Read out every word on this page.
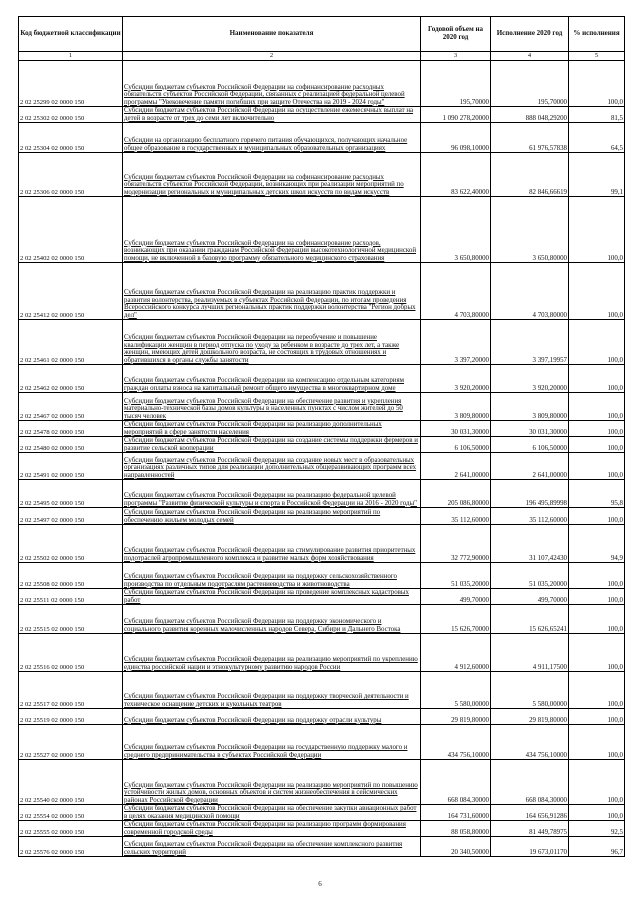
Код бюджетной классификации	Наименование показателя	Годовой объем на 2020 год	Исполнение 2020 год	% исполнения
1	2	3	4	5
2 02 25299 02 0000 150	Субсидии бюджетам субъектов Российской Федерации на софинансирование расходных обязательств субъектов Российской Федерации, связанных с реализацией федеральной целевой программы "Увековечение памяти погибших при защите Отечества на 2019 - 2024 годы"	195,70000	195,70000	100,0
2 02 25302 02 0000 150	Субсидии бюджетам субъектов Российской Федерации на осуществление ежемесячных выплат на детей в возрасте от трех до семи лет включительно	1 090 278,20000	888 048,29200	81,5
2 02 25304 02 0000 150	Субсидии на организацию бесплатного горячего питания обучающихся, получающих начальное общее образование в государственных и муниципальных образовательных организациях	96 098,10000	61 976,57838	64,5
2 02 25306 02 0000 150	Субсидии бюджетам субъектов Российской Федерации на софинансирование расходных обязательств субъектов Российской Федерации, возникающих при реализации мероприятий по модернизации региональных и муниципальных детских школ искусств по видам искусств	83 622,40000	82 846,66619	99,1
2 02 25402 02 0000 150	Субсидии бюджетам субъектов Российской Федерации на софинансирование расходов, возникающих при оказании гражданам Российской Федерации высокотехнологичной медицинской помощи, не включенной в базовую программу обязательного медицинского страхования	3 650,80000	3 650,80000	100,0
2 02 25412 02 0000 150	Субсидии бюджетам субъектов Российской Федерации на реализацию практик поддержки и развития волонтерства, реализуемых в субъектах Российской Федерации, по итогам проведения Всероссийского конкурса лучших региональных практик поддержки волонтерства "Регион добрых дел"	4 703,80000	4 703,80000	100,0
2 02 25461 02 0000 150	Субсидии бюджетам субъектов Российской Федерации на переобучение и повышение квалификации женщин в период отпуска по уходу за ребенком в возрасте до трех лет, а также женщин, имеющих детей дошкольного возраста, не состоящих в трудовых отношениях и обратившихся в органы службы занятости	3 397,20000	3 397,19957	100,0
2 02 25462 02 0000 150	Субсидии бюджетам субъектов Российской Федерации на компенсацию отдельным категориям граждан оплаты взноса на капитальный ремонт общего имущества в многоквартирном доме	3 920,20000	3 920,20000	100,0
2 02 25467 02 0000 150	Субсидии бюджетам субъектов Российской Федерации на обеспечение развития и укрепления материально-технической базы домов культуры в населенных пунктах с числом жителей до 50 тысяч человек	3 809,80000	3 809,80000	100,0
2 02 25478 02 0000 150	Субсидии бюджетам субъектов Российской Федерации на реализацию дополнительных мероприятий в сфере занятости населения	30 031,30000	30 031,30000	100,0
2 02 25480 02 0000 150	Субсидии бюджетам субъектов Российской Федерации на создание системы поддержки фермеров и развитие сельской кооперации	6 106,50000	6 106,50000	100,0
2 02 25491 02 0000 150	Субсидии бюджетам субъектов Российской Федерации на создание новых мест в образовательных организациях различных типов для реализации дополнительных общеразвивающих программ всех направленностей	2 641,00000	2 641,00000	100,0
2 02 25495 02 0000 150	Субсидии бюджетам субъектов Российской Федерации на реализацию федеральной целевой программы "Развитие физической культуры и спорта в Российской Федерации на 2016 - 2020 годы"	205 086,80000	196 495,89998	95,8
2 02 25497 02 0000 150	Субсидии бюджетам субъектов Российской Федерации на реализацию мероприятий по обеспечению жильем молодых семей	35 112,60000	35 112,60000	100,0
2 02 25502 02 0000 150	Субсидии бюджетам субъектов Российской Федерации на стимулирование развития приоритетных подотраслей агропромышленного комплекса и развитие малых форм хозяйствования	32 772,90000	31 107,42430	94,9
2 02 25508 02 0000 150	Субсидии бюджетам субъектов Российской Федерации на поддержку сельскохозяйственного производства по отдельным подотраслям растениеводства и животноводства	51 035,20000	51 035,20000	100,0
2 02 25511 02 0000 150	Субсидии бюджетам субъектов Российской Федерации на проведение комплексных кадастровых работ	499,70000	499,70000	100,0
2 02 25515 02 0000 150	Субсидии бюджетам субъектов Российской Федерации на поддержку экономического и социального развития коренных малочисленных народов Севера, Сибири и Дальнего Востока	15 626,70000	15 626,65241	100,0
2 02 25516 02 0000 150	Субсидии бюджетам субъектов Российской Федерации на реализацию мероприятий по укреплению единства российской нации и этнокультурному развитию народов России	4 912,60000	4 911,17500	100,0
2 02 25517 02 0000 150	Субсидии бюджетам субъектов Российской Федерации на поддержку творческой деятельности и техническое оснащение детских и кукольных театров	5 580,00000	5 580,00000	100,0
2 02 25519 02 0000 150	Субсидии бюджетам субъектов Российской Федерации на поддержку отрасли культуры	29 819,80000	29 819,80000	100,0
2 02 25527 02 0000 150	Субсидии бюджетам субъектов Российской Федерации на государственную поддержку малого и среднего предпринимательства в субъектах Российской Федерации	434 756,10000	434 756,10000	100,0
2 02 25540 02 0000 150	Субсидии бюджетам субъектов Российской Федерации на реализацию мероприятий по повышению устойчивости жилых домов, основных объектов и систем жизнеобеспечения в сейсмических районах Российской Федерации	668 084,30000	668 084,30000	100,0
2 02 25554 02 0000 150	Субсидии бюджетам субъектов Российской Федерации на обеспечение закупки авиационных работ в целях оказания медицинской помощи	164 731,60000	164 656,91286	100,0
2 02 25555 02 0000 150	Субсидии бюджетам субъектов Российской Федерации на реализацию программ формирования современной городской среды	88 058,80000	81 449,78975	92,5
2 02 25576 02 0000 150	Субсидии бюджетам субъектов Российской Федерации на обеспечение комплексного развития сельских территорий	20 340,50000	19 673,01170	96,7
6
